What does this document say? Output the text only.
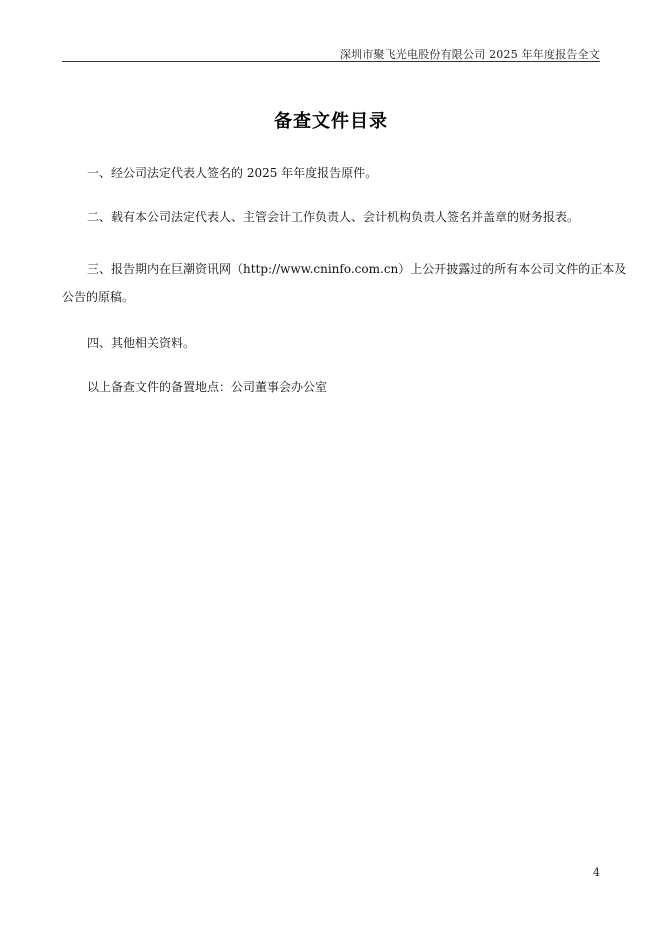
深圳市聚飞光电股份有限公司 2025 年年度报告全文
备查文件目录
一、经公司法定代表人签名的 2025 年年度报告原件。
二、载有本公司法定代表人、主管会计工作负责人、会计机构负责人签名并盖章的财务报表。
三、报告期内在巨潮资讯网（http://www.cninfo.com.cn）上公开披露过的所有本公司文件的正本及
公告的原稿。
四、其他相关资料。
以上备查文件的备置地点：公司董事会办公室
4
